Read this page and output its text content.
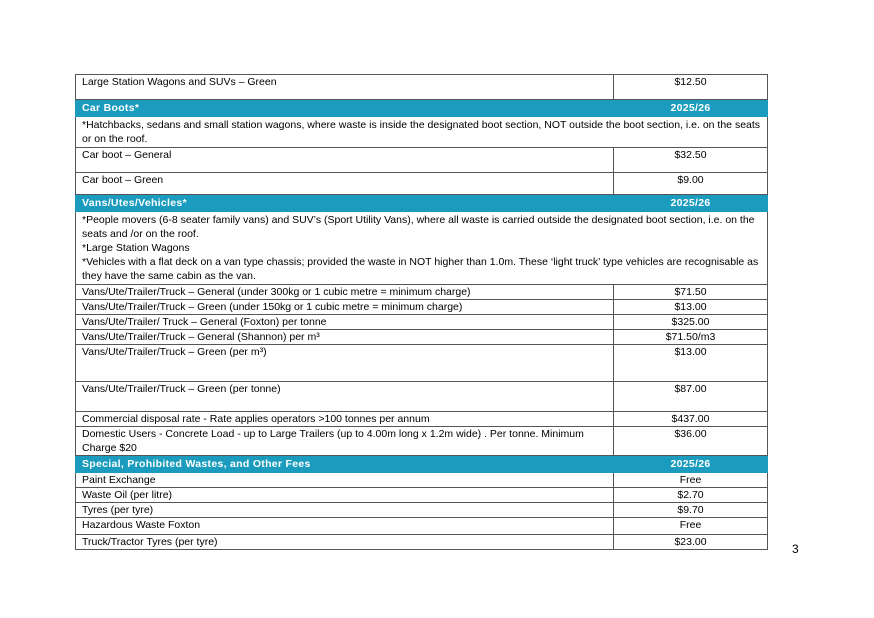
Large Station Wagons and SUVs – Green	$12.50
Car Boots*	2025/26

*Hatchbacks, sedans and small station wagons, where waste is inside the designated boot section, NOT outside the boot section, i.e. on the seats or on the roof.	

Car boot – General	$32.50
Car boot – Green	$9.00
Vans/Utes/Vehicles*	2025/26

*People movers (6-8 seater family vans) and SUV’s (Sport Utility Vans), where all waste is carried outside the designated boot section, i.e. on the seats and /or on the roof.
*Large Station Wagons
*Vehicles with a flat deck on a van type chassis; provided the waste in NOT higher than 1.0m. These ‘light truck’ type vehicles are recognisable as they have the same cabin as the van.	

Vans/Ute/Trailer/Truck – General (under 300kg or 1 cubic metre = minimum charge)	$71.50
Vans/Ute/Trailer/Truck – Green (under 150kg or 1 cubic metre = minimum charge)	$13.00
Vans/Ute/Trailer/ Truck – General (Foxton) per tonne	$325.00
Vans/Ute/Trailer/Truck – General (Shannon) per m³	$71.50/m3
Vans/Ute/Trailer/Truck – Green (per m³)	$13.00
Vans/Ute/Trailer/Truck – Green (per tonne)	$87.00
Commercial disposal rate - Rate applies operators >100 tonnes per annum	$437.00
Domestic Users - Concrete Load - up to Large Trailers (up to 4.00m long x 1.2m wide) . Per tonne. Minimum Charge $20	$36.00
Special, Prohibited Wastes, and Other Fees	2025/26
Paint Exchange	Free
Waste Oil (per litre)	$2.70
Tyres (per tyre)	$9.70
Hazardous Waste Foxton	Free
Truck/Tractor Tyres (per tyre)	$23.00	3
